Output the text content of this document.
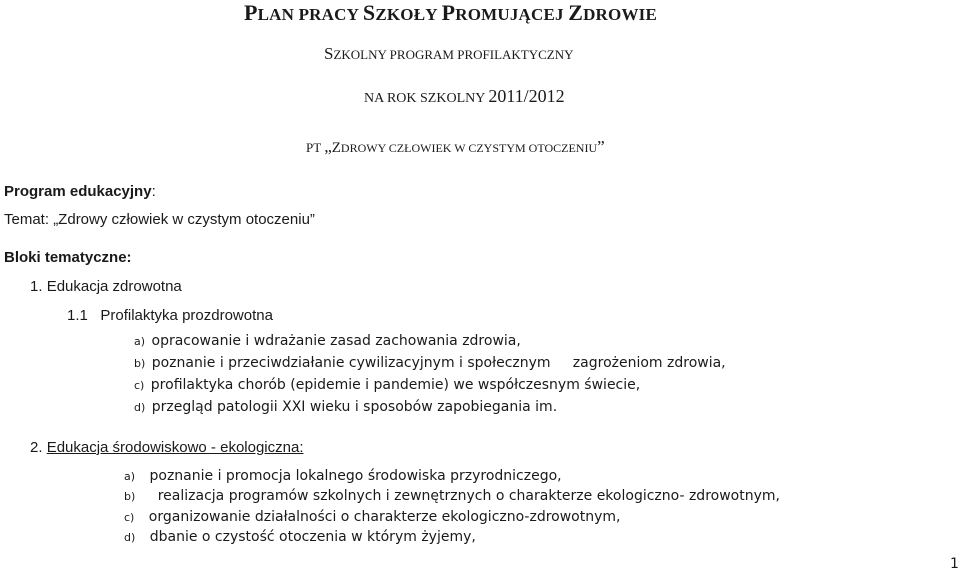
PLAN PRACY SZKOŁY PROMUJĄCEJ ZDROWIE
SZKOLNY PROGRAM PROFILAKTYCZNY
NA ROK SZKOLNY 2011/2012
PT „ZDROWY CZŁOWIEK W CZYSTYM OTOCZENIU”
Program edukacyjny:
Temat: „Zdrowy człowiek w czystym otoczeniu”
Bloki tematyczne:
1. Edukacja zdrowotna
1.1 Profilaktyka prozdrowotna
a) opracowanie i wdrażanie zasad zachowania zdrowia,
b) poznanie i przeciwdziałanie cywilizacyjnym i społecznym     zagrożeniom zdrowia,
c) profilaktyka chorób (epidemie i pandemie) we współczesnym świecie,
d) przegląd patologii XXI wieku i sposobów zapobiegania im.
2. Edukacja środowiskowo - ekologiczna:
a) poznanie i promocja lokalnego środowiska przyrodniczego,
b) realizacja programów szkolnych i zewnętrznych o charakterze ekologiczno- zdrowotnym,
c) organizowanie działalności o charakterze ekologiczno-zdrowotnym,
d) dbanie o czystość otoczenia w którym żyjemy,
1
